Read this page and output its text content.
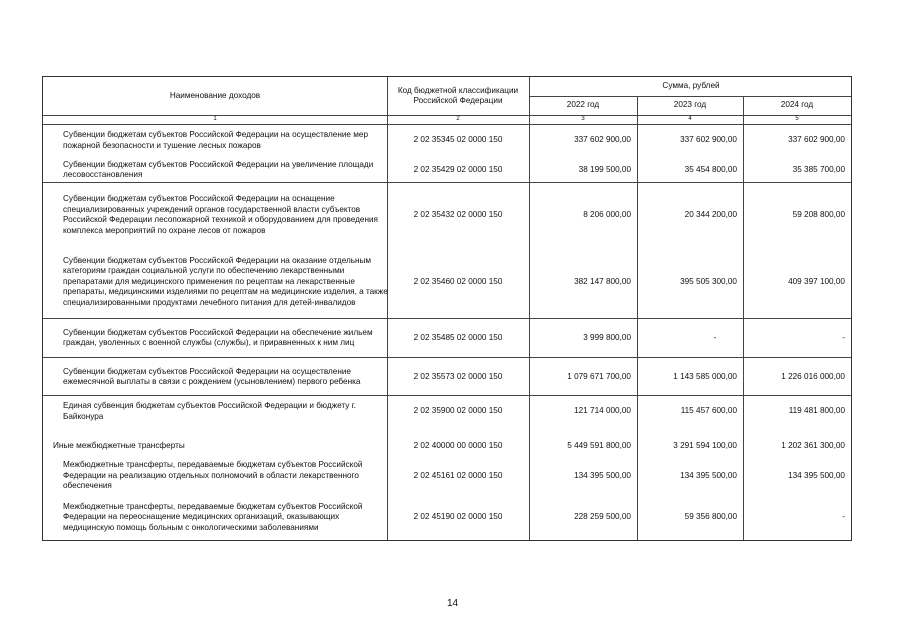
Наименование доходов
Код бюджетной классификации Российской Федерации
Сумма, рублей
2022 год	2023 год	2024 год
1	2	3	4	5
Субвенции бюджетам субъектов Российской Федерации на осуществление мер пожарной безопасности и тушение лесных пожаров
2 02 35345 02 0000 150	337 602 900,00	337 602 900,00	337 602 900,00
Субвенции бюджетам субъектов Российской Федерации на увеличение площади лесовосстановления
2 02 35429 02 0000 150	38 199 500,00	35 454 800,00	35 385 700,00
Субвенции бюджетам субъектов Российской Федерации на оснащение специализированных учреждений органов государственной власти субъектов Российской Федерации лесопожарной техникой и оборудованием для проведения комплекса мероприятий по охране лесов от пожаров
2 02 35432 02 0000 150	8 206 000,00	20 344 200,00	59 208 800,00
Субвенции бюджетам субъектов Российской Федерации на оказание отдельным категориям граждан социальной услуги по обеспечению лекарственными препаратами для медицинского применения по рецептам на лекарственные препараты, медицинскими изделиями по рецептам на медицинские изделия, а также специализированными продуктами лечебного питания для детей-инвалидов
2 02 35460 02 0000 150	382 147 800,00	395 505 300,00	409 397 100,00
Субвенции бюджетам субъектов Российской Федерации на обеспечение жильем граждан, уволенных с военной службы (службы), и приравненных к ним лиц
2 02 35485 02 0000 150	3 999 800,00	-	-
Субвенции бюджетам субъектов Российской Федерации на осуществление ежемесячной выплаты в связи с рождением (усыновлением) первого ребенка
2 02 35573 02 0000 150	1 079 671 700,00	1 143 585 000,00	1 226 016 000,00
Единая субвенция бюджетам субъектов Российской Федерации и бюджету г. Байконура
2 02 35900 02 0000 150	121 714 000,00	115 457 600,00	119 481 800,00
Иные межбюджетные трансферты	2 02 40000 00 0000 150	5 449 591 800,00	3 291 594 100,00	1 202 361 300,00
Межбюджетные трансферты, передаваемые бюджетам субъектов Российской Федерации на реализацию отдельных полномочий в области лекарственного обеспечения
2 02 45161 02 0000 150	134 395 500,00	134 395 500,00	134 395 500,00
Межбюджетные трансферты, передаваемые бюджетам субъектов Российской Федерации на переоснащение медицинских организаций, оказывающих медицинскую помощь больным с онкологическими заболеваниями
2 02 45190 02 0000 150	228 259 500,00	59 356 800,00	-
14
